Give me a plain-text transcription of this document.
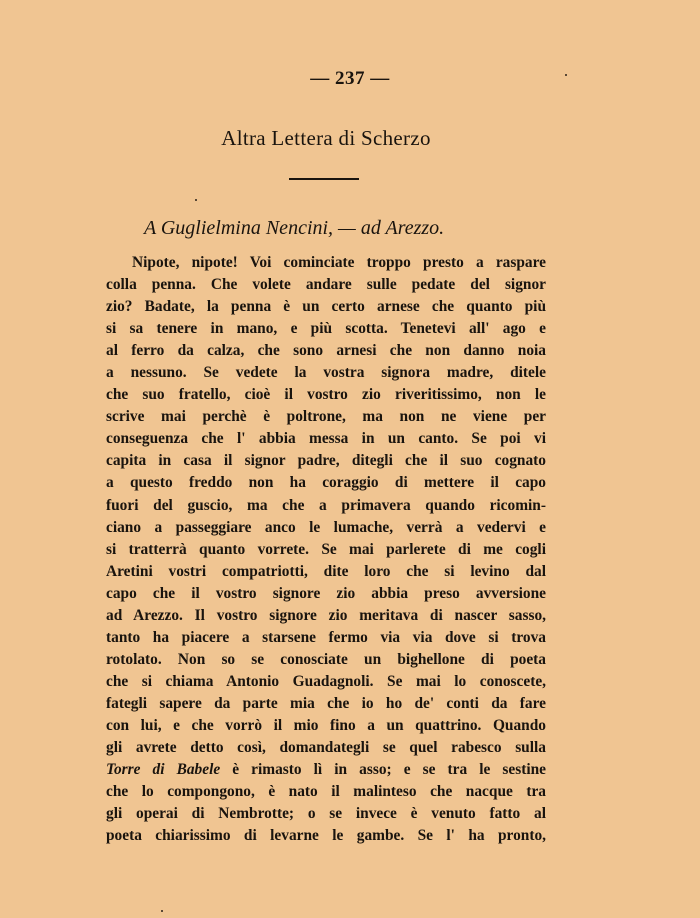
— 237 —
Altra Lettera di Scherzo
A Guglielmina Nencini, — ad Arezzo.
Nipote, nipote! Voi cominciate troppo presto a raspare
colla penna. Che volete andare sulle pedate del signor
zio? Badate, la penna è un certo arnese che quanto più
si sa tenere in mano, e più scotta. Tenetevi all' ago e
al ferro da calza, che sono arnesi che non danno noia
a nessuno. Se vedete la vostra signora madre, ditele
che suo fratello, cioè il vostro zio riveritissimo, non le
scrive mai perchè è poltrone, ma non ne viene per
conseguenza che l' abbia messa in un canto. Se poi vi
capita in casa il signor padre, ditegli che il suo cognato
a questo freddo non ha coraggio di mettere il capo
fuori del guscio, ma che a primavera quando ricomin-
ciano a passeggiare anco le lumache, verrà a vedervi e
si tratterrà quanto vorrete. Se mai parlerete di me cogli
Aretini vostri compatriotti, dite loro che si levino dal
capo che il vostro signore zio abbia preso avversione
ad Arezzo. Il vostro signore zio meritava di nascer sasso,
tanto ha piacere a starsene fermo via via dove si trova
rotolato. Non so se conosciate un bighellone di poeta
che si chiama Antonio Guadagnoli. Se mai lo conoscete,
fategli sapere da parte mia che io ho de' conti da fare
con lui, e che vorrò il mio fino a un quattrino. Quando
gli avrete detto così, domandategli se quel rabesco sulla
Torre di Babele è rimasto lì in asso; e se tra le sestine
che lo compongono, è nato il malinteso che nacque tra
gli operai di Nembrotte; o se invece è venuto fatto al
poeta chiarissimo di levarne le gambe. Se l' ha pronto,
